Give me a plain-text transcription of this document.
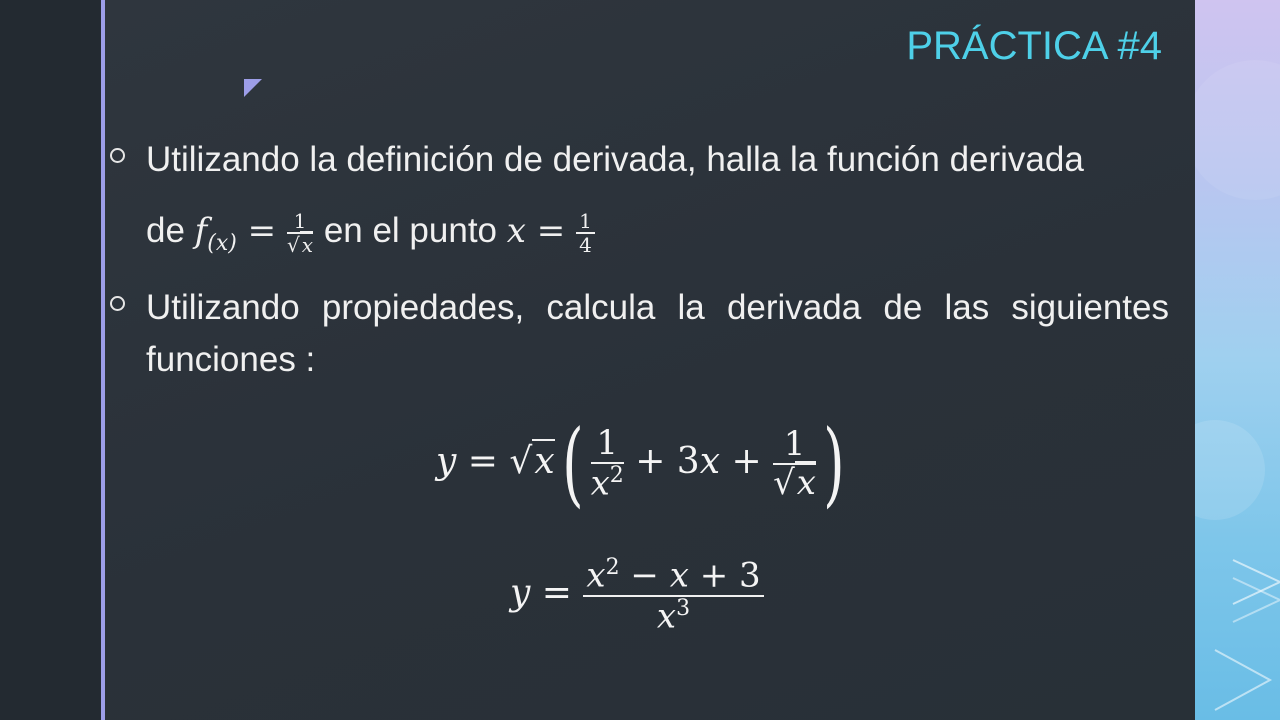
PRÁCTICA #4
Utilizando la definición de derivada, halla la función derivada
de $f_{(x)} = \frac{1}{√ x}$ en el punto $x = \frac{1}{4}$
Utilizando propiedades, calcula la derivada de las siguientes funciones :
$y = √x( \frac{1}{x^2} + 3x + \frac{1}{√x}$ )
$y = \frac{x^2 - x + 3}{x^3}$
